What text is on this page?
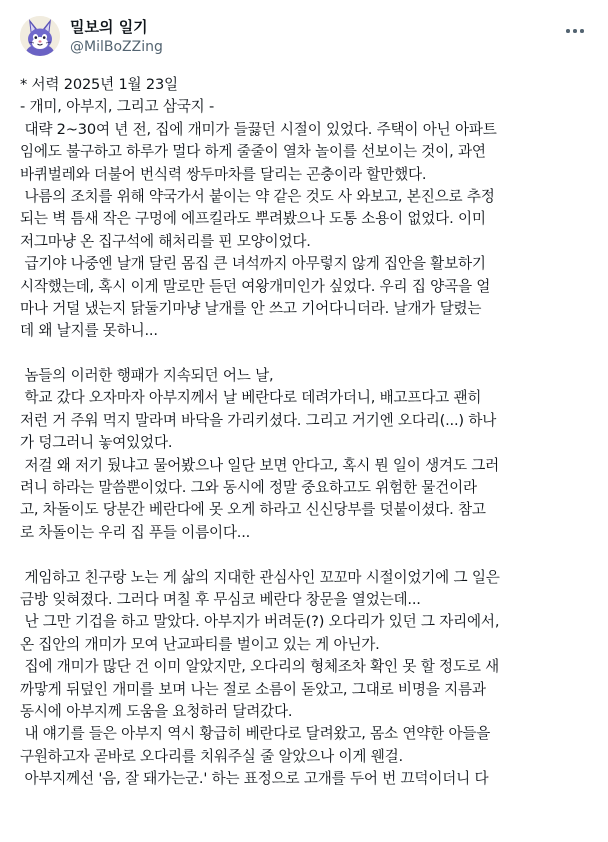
밀보의 일기
@MilBoZZing
* 서력 2025년 1월 23일
- 개미, 아부지, 그리고 삼국지 -
대략 2~30여 년 전, 집에 개미가 들끓던 시절이 있었다. 주택이 아닌 아파트
임에도 불구하고 하루가 멀다 하게 줄줄이 열차 놀이를 선보이는 것이, 과연
바퀴벌레와 더불어 번식력 쌍두마차를 달리는 곤충이라 할만했다.
나름의 조치를 위해 약국가서 붙이는 약 같은 것도 사 와보고, 본진으로 추정
되는 벽 틈새 작은 구멍에 에프킬라도 뿌려봤으나 도통 소용이 없었다. 이미
저그마냥 온 집구석에 해처리를 핀 모양이었다.
급기야 나중엔 날개 달린 몸집 큰 녀석까지 아무렇지 않게 집안을 활보하기
시작했는데, 혹시 이게 말로만 듣던 여왕개미인가 싶었다. 우리 집 양곡을 얼
마나 거덜 냈는지 닭둘기마냥 날개를 안 쓰고 기어다니더라. 날개가 달렸는
데 왜 날지를 못하니...
놈들의 이러한 행패가 지속되던 어느 날,
학교 갔다 오자마자 아부지께서 날 베란다로 데려가더니, 배고프다고 괜히
저런 거 주워 먹지 말라며 바닥을 가리키셨다. 그리고 거기엔 오다리(...) 하나
가 덩그러니 놓여있었다.
저걸 왜 저기 뒀냐고 물어봤으나 일단 보면 안다고, 혹시 뭔 일이 생겨도 그러
려니 하라는 말씀뿐이었다. 그와 동시에 정말 중요하고도 위험한 물건이라
고, 차돌이도 당분간 베란다에 못 오게 하라고 신신당부를 덧붙이셨다. 참고
로 차돌이는 우리 집 푸들 이름이다...
게임하고 친구랑 노는 게 삶의 지대한 관심사인 꼬꼬마 시절이었기에 그 일은
금방 잊혀졌다. 그러다 며칠 후 무심코 베란다 창문을 열었는데...
난 그만 기겁을 하고 말았다. 아부지가 버려둔(?) 오다리가 있던 그 자리에서,
온 집안의 개미가 모여 난교파티를 벌이고 있는 게 아닌가.
집에 개미가 많단 건 이미 알았지만, 오다리의 형체조차 확인 못 할 정도로 새
까맣게 뒤덮인 개미를 보며 나는 절로 소름이 돋았고, 그대로 비명을 지름과
동시에 아부지께 도움을 요청하러 달려갔다.
내 얘기를 들은 아부지 역시 황급히 베란다로 달려왔고, 몸소 연약한 아들을
구원하고자 곧바로 오다리를 치워주실 줄 알았으나 이게 웬걸.
아부지께선 '음, 잘 돼가는군.' 하는 표정으로 고개를 두어 번 끄덕이더니 다
